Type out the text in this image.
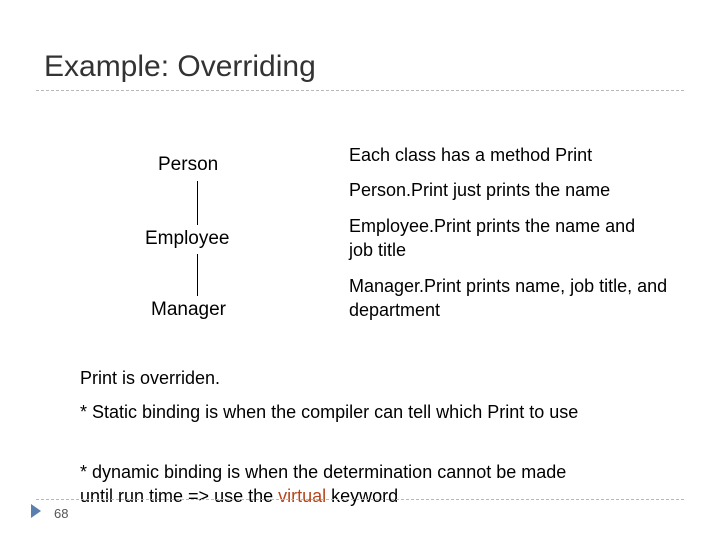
Example: Overriding
Person
Employee
Manager
Each class has a method Print
Person.Print just prints the name
Employee.Print prints the name and job title
Manager.Print prints name, job title, and department
Print is overriden.
* Static binding is when the compiler can tell which Print to use
* dynamic binding is when the determination cannot be made until run time => use the virtual keyword
68
